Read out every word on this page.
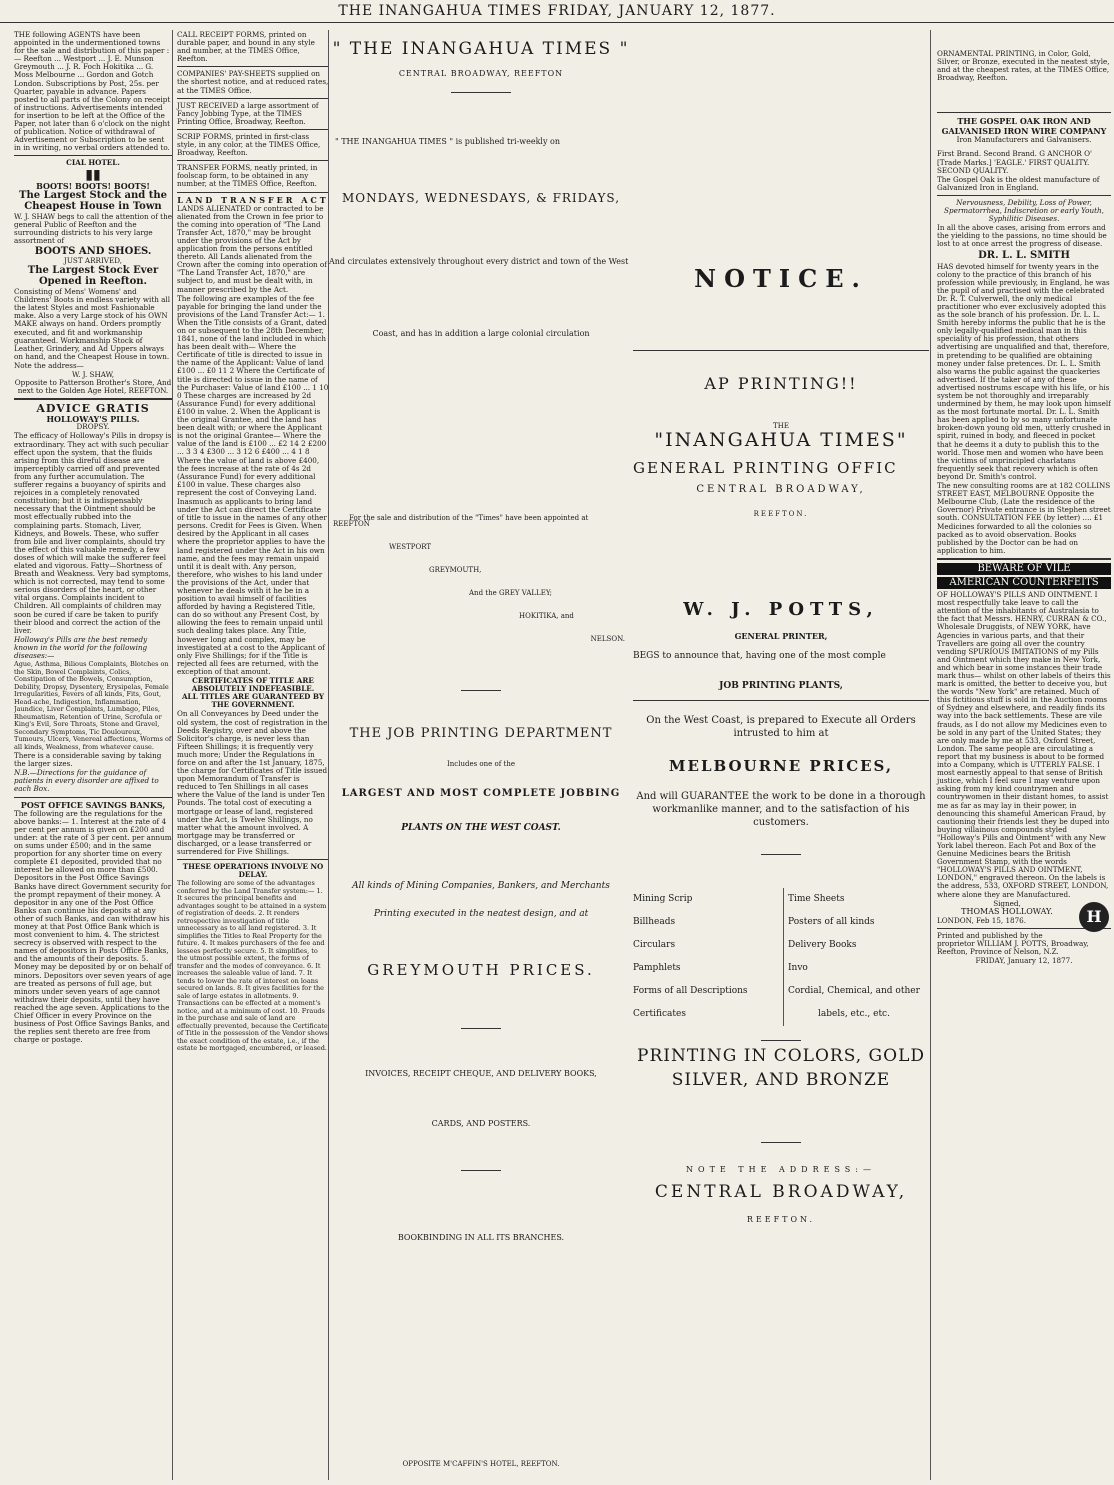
THE INANGAHUA TIMES FRIDAY, JANUARY 12, 1877.
THE following AGENTS have been appointed in the undermentioned towns for the sale and distribution of this paper :— Reefton ... Westport ... J. E. Munson Greymouth ... J. R. Foch Hokitika ... G. Moss Melbourne ... Gordon and Gotch London. Subscriptions by Post, 25s. per Quarter, payable in advance. Papers posted to all parts of the Colony on receipt of instructions. Advertisements intended for insertion to be left at the Office of the Paper, not later than 6 o'clock on the night of publication. Notice of withdrawal of Advertisement or Subscription to be sent in in writing, no verbal orders attended to.
CIAL HOTEL.
▮▮
BOOTS! BOOTS! BOOTS!
The Largest Stock and the Cheapest House in Town
W. J. SHAW begs to call the attention of the general Public of Reefton and the surrounding districts to his very large assortment of
BOOTS AND SHOES.
JUST ARRIVED,
The Largest Stock Ever Opened in Reefton.
Consisting of Mens' Womens' and Childrens' Boots in endless variety with all the latest Styles and most Fashionable make. Also a very Large stock of his OWN MAKE always on hand. Orders promptly executed, and fit and workmanship guaranteed. Workmanship Stock of Leather, Grindery, and Ad Uppers always on hand, and the Cheapest House in town.
Note the address—
W. J. SHAW,
Opposite to Patterson Brother's Store, And next to the Golden Age Hotel, REEFTON.
ADVICE GRATIS
HOLLOWAY'S PILLS.
DROPSY.
The efficacy of Holloway's Pills in dropsy is extraordinary. They act with such peculiar effect upon the system, that the fluids arising from this direful disease are imperceptibly carried off and prevented from any further accumulation. The sufferer regains a buoyancy of spirits and rejoices in a completely renovated constitution; but it is indispensably necessary that the Ointment should be most effectually rubbed into the complaining parts. Stomach, Liver, Kidneys, and Bowels. These, who suffer from bile and liver complaints, should try the effect of this valuable remedy, a few doses of which will make the sufferer feel elated and vigorous. Fatty—Shortness of Breath and Weakness. Very bad symptoms, which is not corrected, may tend to some serious disorders of the heart, or other vital organs. Complaints incident to Children. All complaints of children may soon be cured if care be taken to purify their blood and correct the action of the liver.
Holloway's Pills are the best remedy known in the world for the following diseases:—
Ague, Asthma, Bilious Complaints, Blotches on the Skin, Bowel Complaints, Colics, Constipation of the Bowels, Consumption, Debility, Dropsy, Dysentery, Erysipelas, Female Irregularities, Fevers of all kinds, Fits, Gout, Head-ache, Indigestion, Inflammation, Jaundice, Liver Complaints, Lumbago, Piles, Rheumatism, Retention of Urine, Scrofula or King's Evil, Sore Throats, Stone and Gravel, Secondary Symptoms, Tic Douloureux, Tumours, Ulcers, Venereal affections, Worms of all kinds, Weakness, from whatever cause.
There is a considerable saving by taking the larger sizes.
N.B.—Directions for the guidance of patients in every disorder are affixed to each Box.
POST OFFICE SAVINGS BANKS,
The following are the regulations for the above banks:— 1. Interest at the rate of 4 per cent per annum is given on £200 and under: at the rate of 3 per cent. per annum on sums under £500; and in the same proportion for any shorter time on every complete £1 deposited, provided that no interest be allowed on more than £500. Depositors in the Post Office Savings Banks have direct Government security for the prompt repayment of their money. A depositor in any one of the Post Office Banks can continue his deposits at any other of such Banks, and can withdraw his money at that Post Office Bank which is most convenient to him. 4. The strictest secrecy is observed with respect to the names of depositors in Posts Office Banks, and the amounts of their deposits. 5. Money may be deposited by or on behalf of minors. Depositors over seven years of age are treated as persons of full age, but minors under seven years of age cannot withdraw their deposits, until they have reached the age seven. Applications to the Chief Officer in every Province on the business of Post Office Savings Banks, and the replies sent thereto are free from charge or postage.
CALL RECEIPT FORMS, printed on durable paper, and bound in any style and number, at the TIMES Office, Reefton.
COMPANIES' PAY-SHEETS supplied on the shortest notice, and at reduced rates, at the TIMES Office.
JUST RECEIVED a large assortment of Fancy Jobbing Type, at the TIMES Printing Office, Broadway, Reefton.
SCRIP FORMS, printed in first-class style, in any color, at the TIMES Office, Broadway, Reefton.
TRANSFER FORMS, neatly printed, in foolscap form, to be obtained in any number, at the TIMES Office, Reefton.
LAND TRANSFER ACT
LANDS ALIENATED or contracted to be alienated from the Crown in fee prior to the coming into operation of "The Land Transfer Act, 1870," may be brought under the provisions of the Act by application from the persons entitled thereto. All Lands alienated from the Crown after the coming into operation of "The Land Transfer Act, 1870," are subject to, and must be dealt with, in manner prescribed by the Act.
The following are examples of the fee payable for bringing the land under the provisions of the Land Transfer Act:— 1. When the Title consists of a Grant, dated on or subsequent to the 28th December, 1841, none of the land included in which has been dealt with— Where the Certificate of title is directed to issue in the name of the Applicant: Value of land £100 ... £0 11 2 Where the Certificate of title is directed to issue in the name of the Purchaser: Value of land £100 ... 1 10 0 These charges are increased by 2d (Assurance Fund) for every additional £100 in value. 2. When the Applicant is the original Grantee, and the land has been dealt with; or where the Applicant is not the original Grantee— Where the value of the land is £100 ... £2 14 2 £200 ... 3 3 4 £300 ... 3 12 6 £400 ... 4 1 8 Where the value of land is above £400, the fees increase at the rate of 4s 2d (Assurance Fund) for every additional £100 in value. These charges also represent the cost of Conveying Land.
Inasmuch as applicants to bring land under the Act can direct the Certificate of title to issue in the names of any other persons. Credit for Fees is Given. When desired by the Applicant in all cases where the proprietor applies to have the land registered under the Act in his own name, and the fees may remain unpaid until it is dealt with. Any person, therefore, who wishes to his land under the provisions of the Act, under that whenever he deals with it he be in a position to avail himself of facilities afforded by having a Registered Title, can do so without any Present Cost, by allowing the fees to remain unpaid until such dealing takes place. Any Title, however long and complex, may be investigated at a cost to the Applicant of only Five Shillings; for if the Title is rejected all fees are returned, with the exception of that amount.
CERTIFICATES OF TITLE ARE ABSOLUTELY INDEFEASIBLE.
ALL TITLES ARE GUARANTEED BY THE GOVERNMENT.
On all Conveyances by Deed under the old system, the cost of registration in the Deeds Registry, over and above the Solicitor's charge, is never less than Fifteen Shillings; it is frequently very much more; Under the Regulations in force on and after the 1st January, 1875, the charge for Certificates of Title issued upon Memorandum of Transfer is reduced to Ten Shillings in all cases where the Value of the land is under Ten Pounds. The total cost of executing a mortgage or lease of land, registered under the Act, is Twelve Shillings, no matter what the amount involved. A mortgage may be transferred or discharged, or a lease transferred or surrendered for Five Shillings.
THESE OPERATIONS INVOLVE NO DELAY.
The following are some of the advantages conferred by the Land Transfer system:— 1. It secures the principal benefits and advantages sought to be attained in a system of registration of deeds. 2. It renders retrospective investigation of title unnecessary as to all land registered. 3. It simplifies the Titles to Real Property for the future. 4. It makes purchasers of the fee and lessees perfectly secure. 5. It simplifies, to the utmost possible extent, the forms of transfer and the modes of conveyance. 6. It increases the saleable value of land. 7. It tends to lower the rate of interest on loans secured on lands. 8. It gives facilities for the sale of large estates in allotments. 9. Transactions can be effected at a moment's notice, and at a minimum of cost. 10. Frauds in the purchase and sale of land are effectually prevented, because the Certificate of Title in the possession of the Vendor shows the exact condition of the estate, i.e., if the estate be mortgaged, encumbered, or leased.
" THE INANGAHUA TIMES "
CENTRAL BROADWAY, REEFTON
" THE INANGAHUA TIMES " is published tri-weekly on
MONDAYS, WEDNESDAYS, & FRIDAYS,
And circulates extensively throughout every district and town of the West
Coast, and has in addition a large colonial circulation
For the sale and distribution of the "Times" have been appointed at
REEFTON
WESTPORT
GREYMOUTH,
And the GREY VALLEY;
HOKITIKA, and
NELSON.
THE JOB PRINTING DEPARTMENT
Includes one of the
LARGEST AND MOST COMPLETE JOBBING
PLANTS ON THE WEST COAST.
All kinds of Mining Companies, Bankers, and Merchants
Printing executed in the neatest design, and at
GREYMOUTH PRICES.
INVOICES, RECEIPT CHEQUE, AND DELIVERY BOOKS,
CARDS, AND POSTERS.
BOOKBINDING IN ALL ITS BRANCHES.
OPPOSITE M'CAFFIN'S HOTEL, REEFTON.
NOTICE.
AP PRINTING!!
THE
"INANGAHUA TIMES"
GENERAL PRINTING OFFIC
CENTRAL BROADWAY,
REEFTON.
W. J. POTTS,
GENERAL PRINTER,
BEGS to announce that, having one of the most comple
JOB PRINTING PLANTS,
On the West Coast, is prepared to Execute all Orders intrusted to him at
MELBOURNE PRICES,
And will GUARANTEE the work to be done in a thorough workmanlike manner, and to the satisfaction of his customers.
Mining Scrip
Billheads
Circulars
Pamphlets
Forms of all Descriptions
Certificates
Time Sheets
Posters of all kinds
Delivery Books
Invo
Cordial, Chemical, and other
labels, etc., etc.
PRINTING IN COLORS, GOLD
SILVER, AND BRONZE
NOTE THE ADDRESS:—
CENTRAL BROADWAY,
REEFTON.
ORNAMENTAL PRINTING, in Color, Gold, Silver, or Bronze, executed in the neatest style, and at the cheapest rates, at the TIMES Office, Broadway, Reefton.
THE GOSPEL OAK IRON AND GALVANISED IRON WIRE COMPANY
Iron Manufacturers and Galvanisers.
First Brand. Second Brand. G ANCHOR O' [Trade Marks.] 'EAGLE.' FIRST QUALITY. SECOND QUALITY.
The Gospel Oak is the oldest manufacture of Galvanized Iron in England.
Nervousness, Debility, Loss of Power, Spermatorrhea, Indiscretion or early Youth, Syphilitic Diseases.
In all the above cases, arising from errors and the yielding to the passions, no time should be lost to at once arrest the progress of disease.
DR. L. L. SMITH
HAS devoted himself for twenty years in the colony to the practice of this branch of his profession while previously, in England, he was the pupil of and practised with the celebrated Dr. R. T. Culverwell, the only medical practitioner who ever exclusively adopted this as the sole branch of his profession. Dr. L. L. Smith hereby informs the public that he is the only legally-qualified medical man in this speciality of his profession, that others advertising are unqualified and that, therefore, in pretending to be qualified are obtaining money under false pretences. Dr. L. L. Smith also warns the public against the quackeries advertised. If the taker of any of these advertised nostrums escape with his life, or his system be not thoroughly and irreparably undermined by them, he may look upon himself as the most fortunate mortal. Dr. L. L. Smith has been applied to by so many unfortunate broken-down young old men, utterly crushed in spirit, ruined in body, and fleeced in pocket that he deems it a duty to publish this to the world. Those men and women who have been the victims of unprincipled charlatans frequently seek that recovery which is often beyond Dr. Smith's control.
The new consulting rooms are at 182 COLLINS STREET EAST, MELBOURNE Opposite the Melbourne Club, (Late the residence of the Governor) Private entrance is in Stephen street south. CONSULTATION FEE (by letter) .... £1 Medicines forwarded to all the colonies so packed as to avoid observation. Books published by the Doctor can be had on application to him.
BEWARE OF VILE
AMERICAN COUNTERFEITS
OF HOLLOWAY'S PILLS AND OINTMENT. I most respectfully take leave to call the attention of the inhabitants of Australasia to the fact that Messrs. HENRY, CURRAN & CO., Wholesale Druggists, of NEW YORK, have Agencies in various parts, and that their Travellers are going all over the country vending SPURIOUS IMITATIONS of my Pills and Ointment which they make in New York, and which bear in some instances their trade mark thus— whilst on other labels of theirs this mark is omitted, the better to deceive you, but the words "New York" are retained. Much of this fictitious stuff is sold in the Auction rooms of Sydney and elsewhere, and readily finds its way into the back settlements. These are vile frauds, as I do not allow my Medicines even to be sold in any part of the United States; they are only made by me at 533, Oxford Street, London. The same people are circulating a report that my business is about to be formed into a Company, which is UTTERLY FALSE. I most earnestly appeal to that sense of British justice, which I feel sure I may venture upon asking from my kind countrymen and countrywomen in their distant homes, to assist me as far as may lay in their power, in denouncing this shameful American Fraud, by cautioning their friends lest they be duped into buying villainous compounds styled "Holloway's Pills and Ointment" with any New York label thereon. Each Pot and Box of the Genuine Medicines bears the British Government Stamp, with the words "HOLLOWAY'S PILLS AND OINTMENT, LONDON," engraved thereon. On the labels is the address, 533, OXFORD STREET, LONDON, where alone they are Manufactured.
H
Signed,
THOMAS HOLLOWAY.
LONDON, Feb 15, 1876.
Printed and published by the proprietor WILLIAM J. POTTS, Broadway, Reefton, Province of Nelson, N.Z.
FRIDAY, January 12, 1877.
